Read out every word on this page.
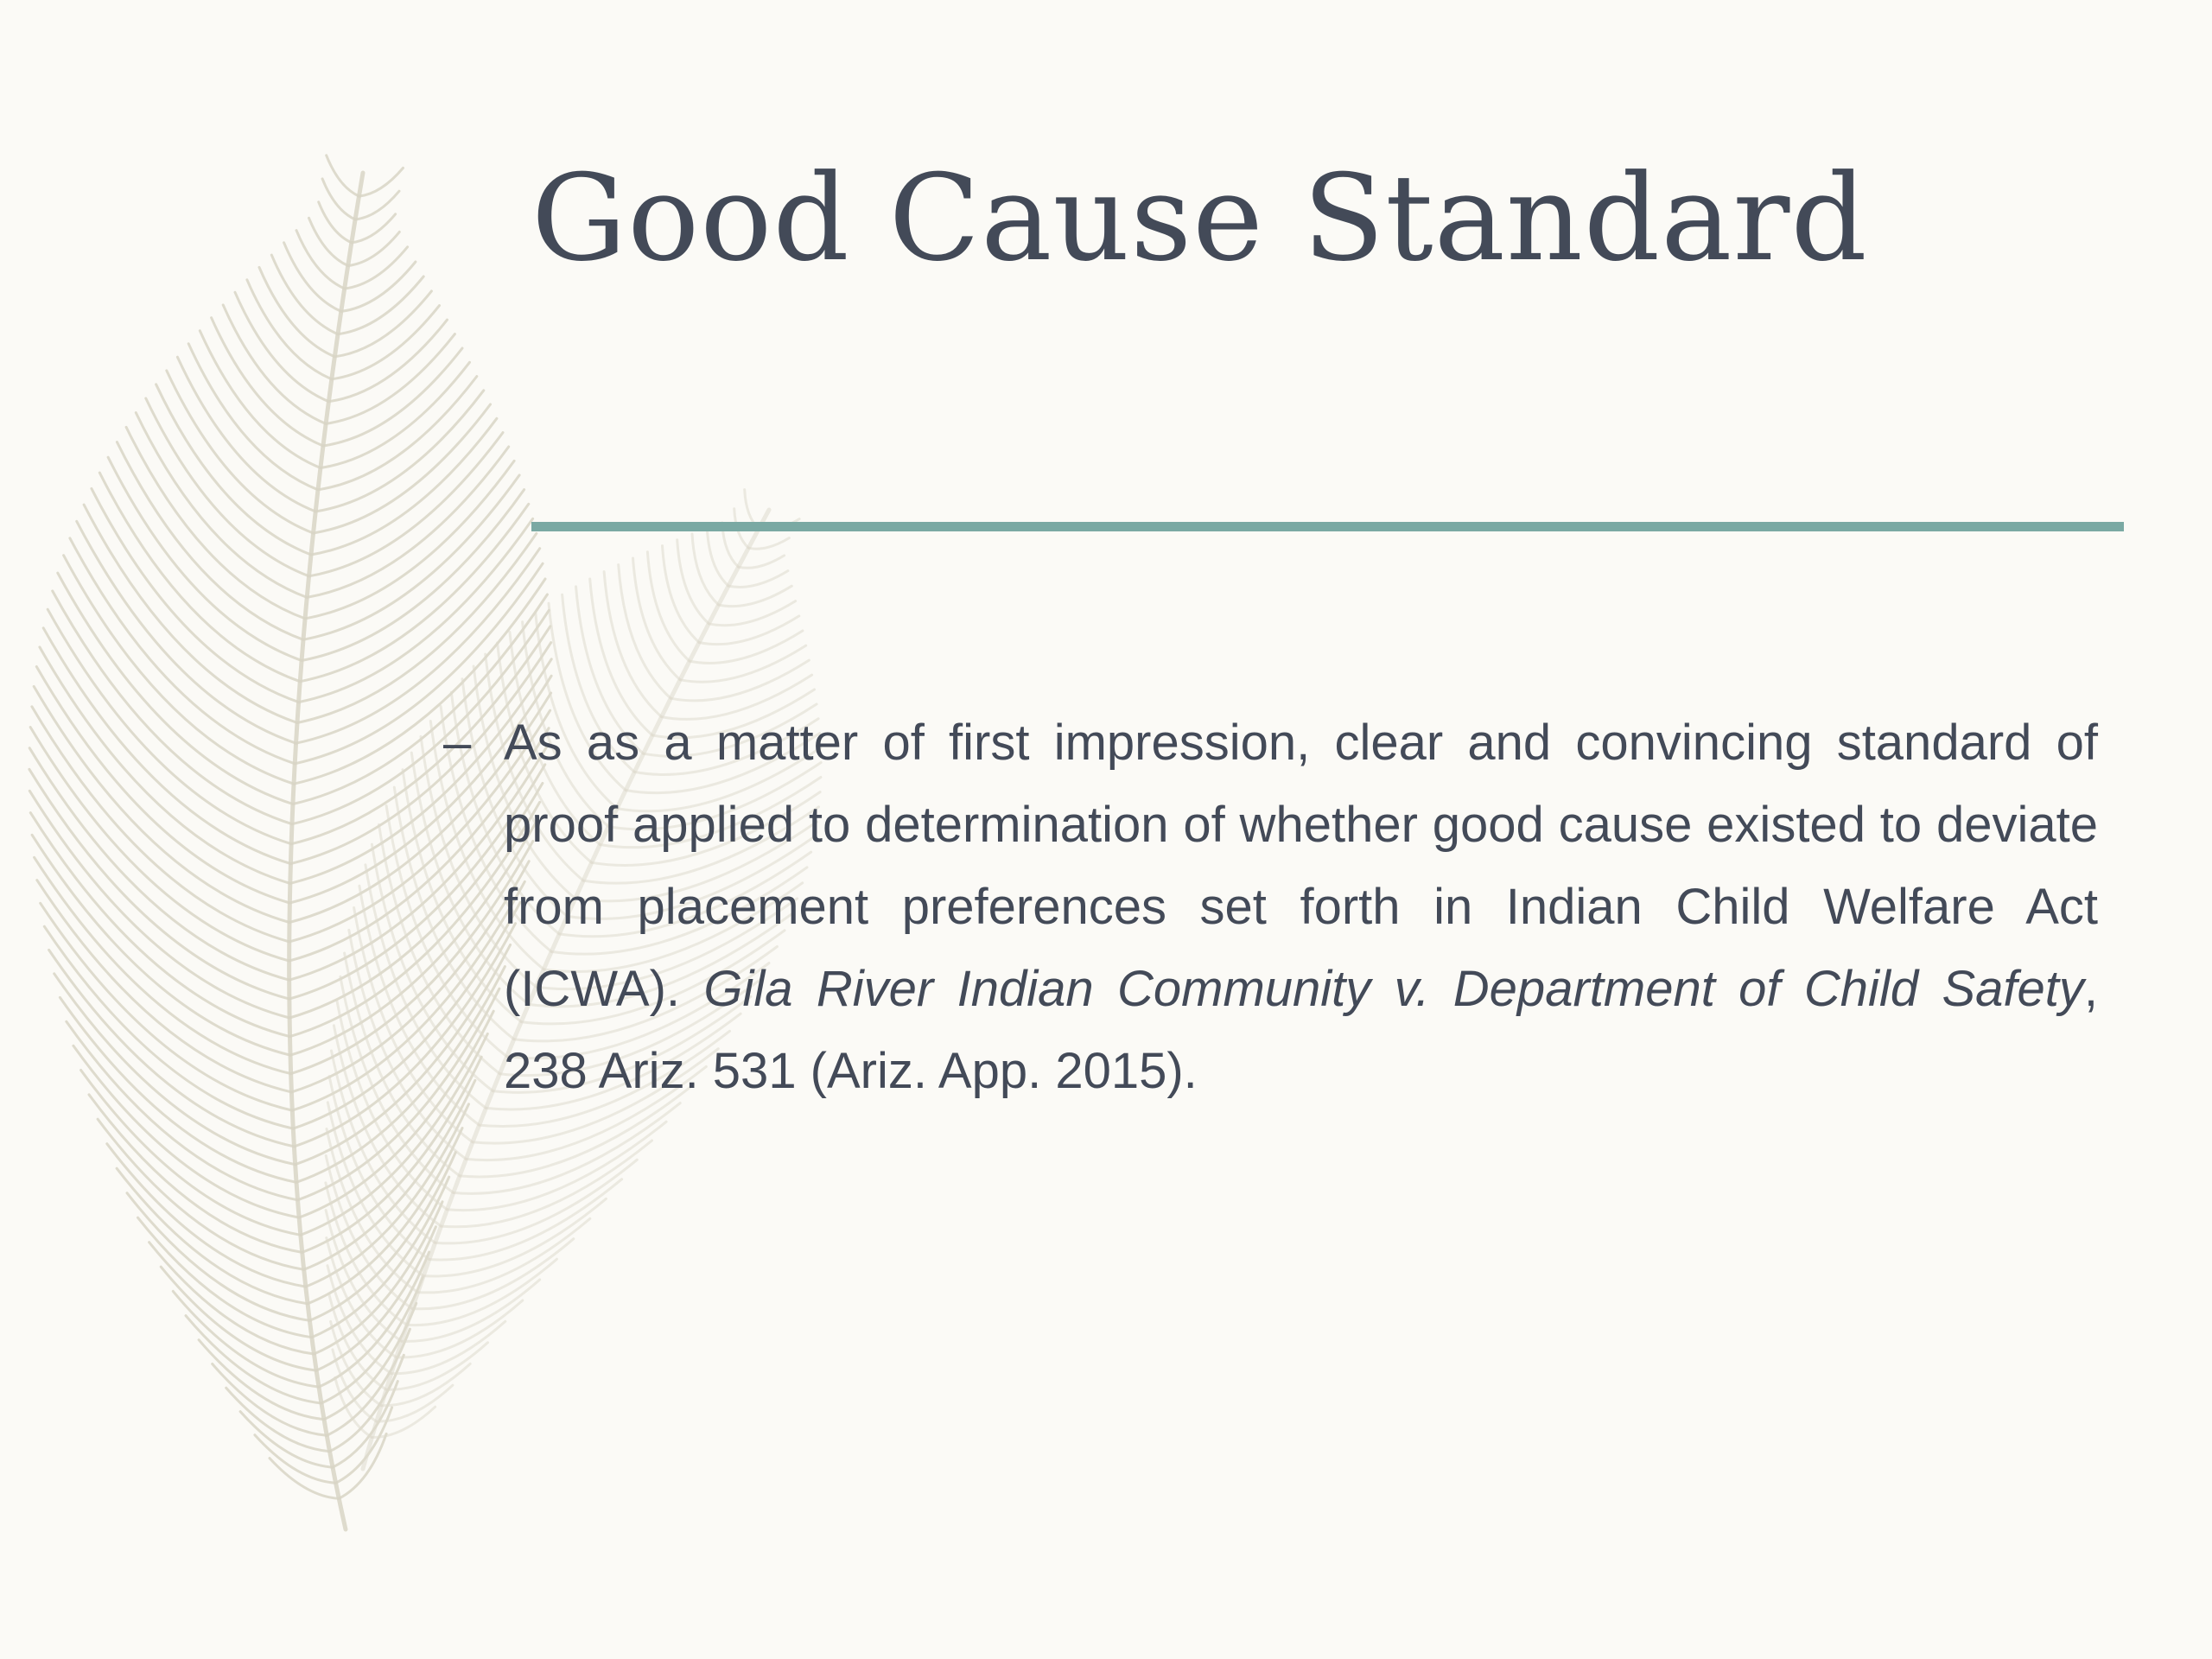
Good Cause Standard
– As as a matter of first impression, clear and convincing standard of proof applied to determination of whether good cause existed to deviate from placement preferences set forth in Indian Child Welfare Act (ICWA). Gila River Indian Community v. Department of Child Safety, 238 Ariz. 531 (Ariz. App. 2015).
